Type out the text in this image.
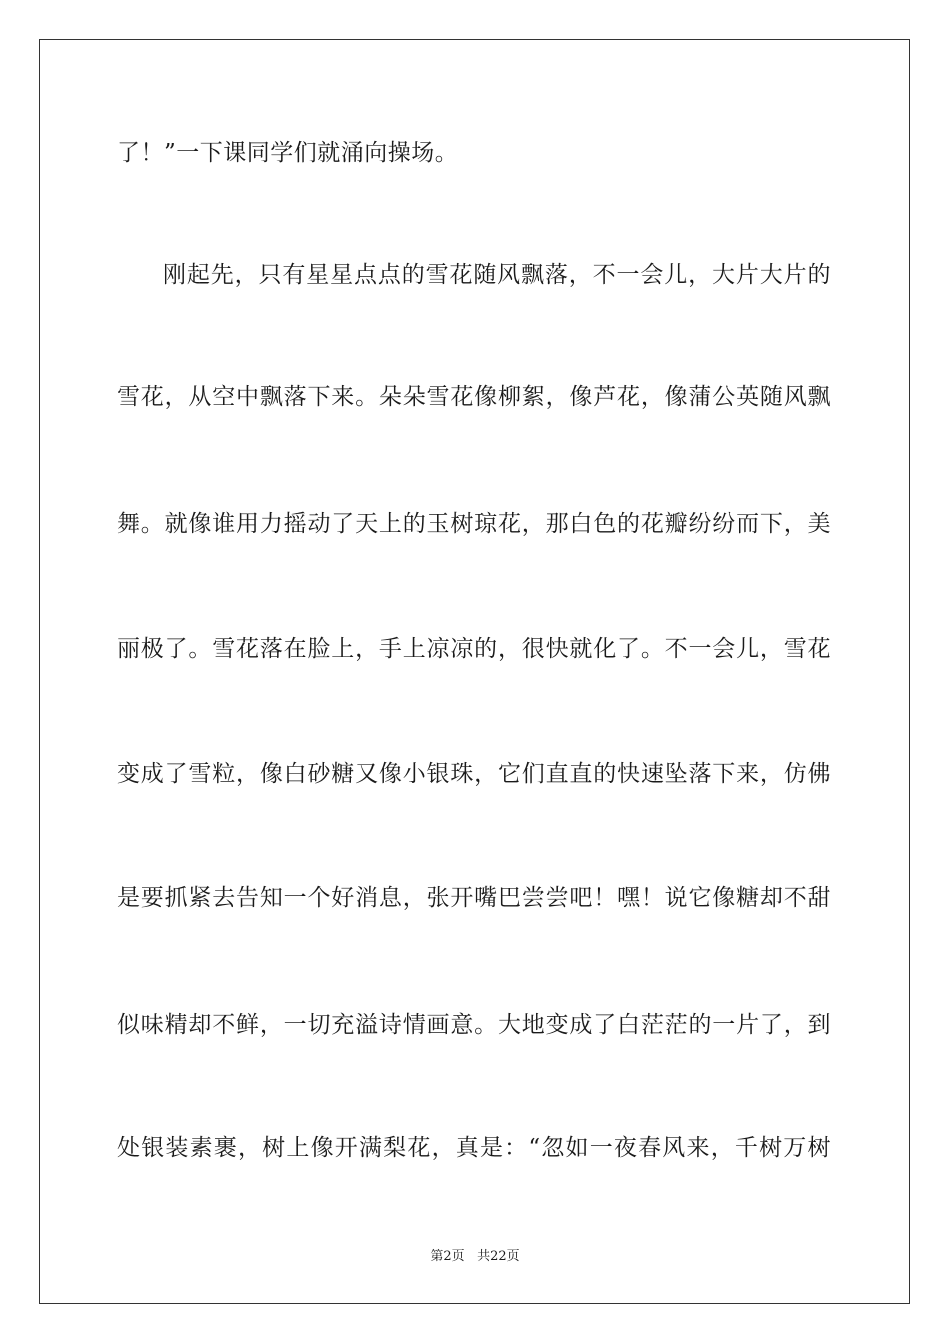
了！”一下课同学们就涌向操场。
刚起先，只有星星点点的雪花随风飘落，不一会儿，大片大片的
雪花，从空中飘落下来。朵朵雪花像柳絮，像芦花，像蒲公英随风飘
舞。就像谁用力摇动了天上的玉树琼花，那白色的花瓣纷纷而下，美
丽极了。雪花落在脸上，手上凉凉的，很快就化了。不一会儿，雪花
变成了雪粒，像白砂糖又像小银珠，它们直直的快速坠落下来，仿佛
是要抓紧去告知一个好消息，张开嘴巴尝尝吧！嘿！说它像糖却不甜
似味精却不鲜，一切充溢诗情画意。大地变成了白茫茫的一片了，到
处银装素裹，树上像开满梨花，真是：“忽如一夜春风来，千树万树
第2页 共22页
